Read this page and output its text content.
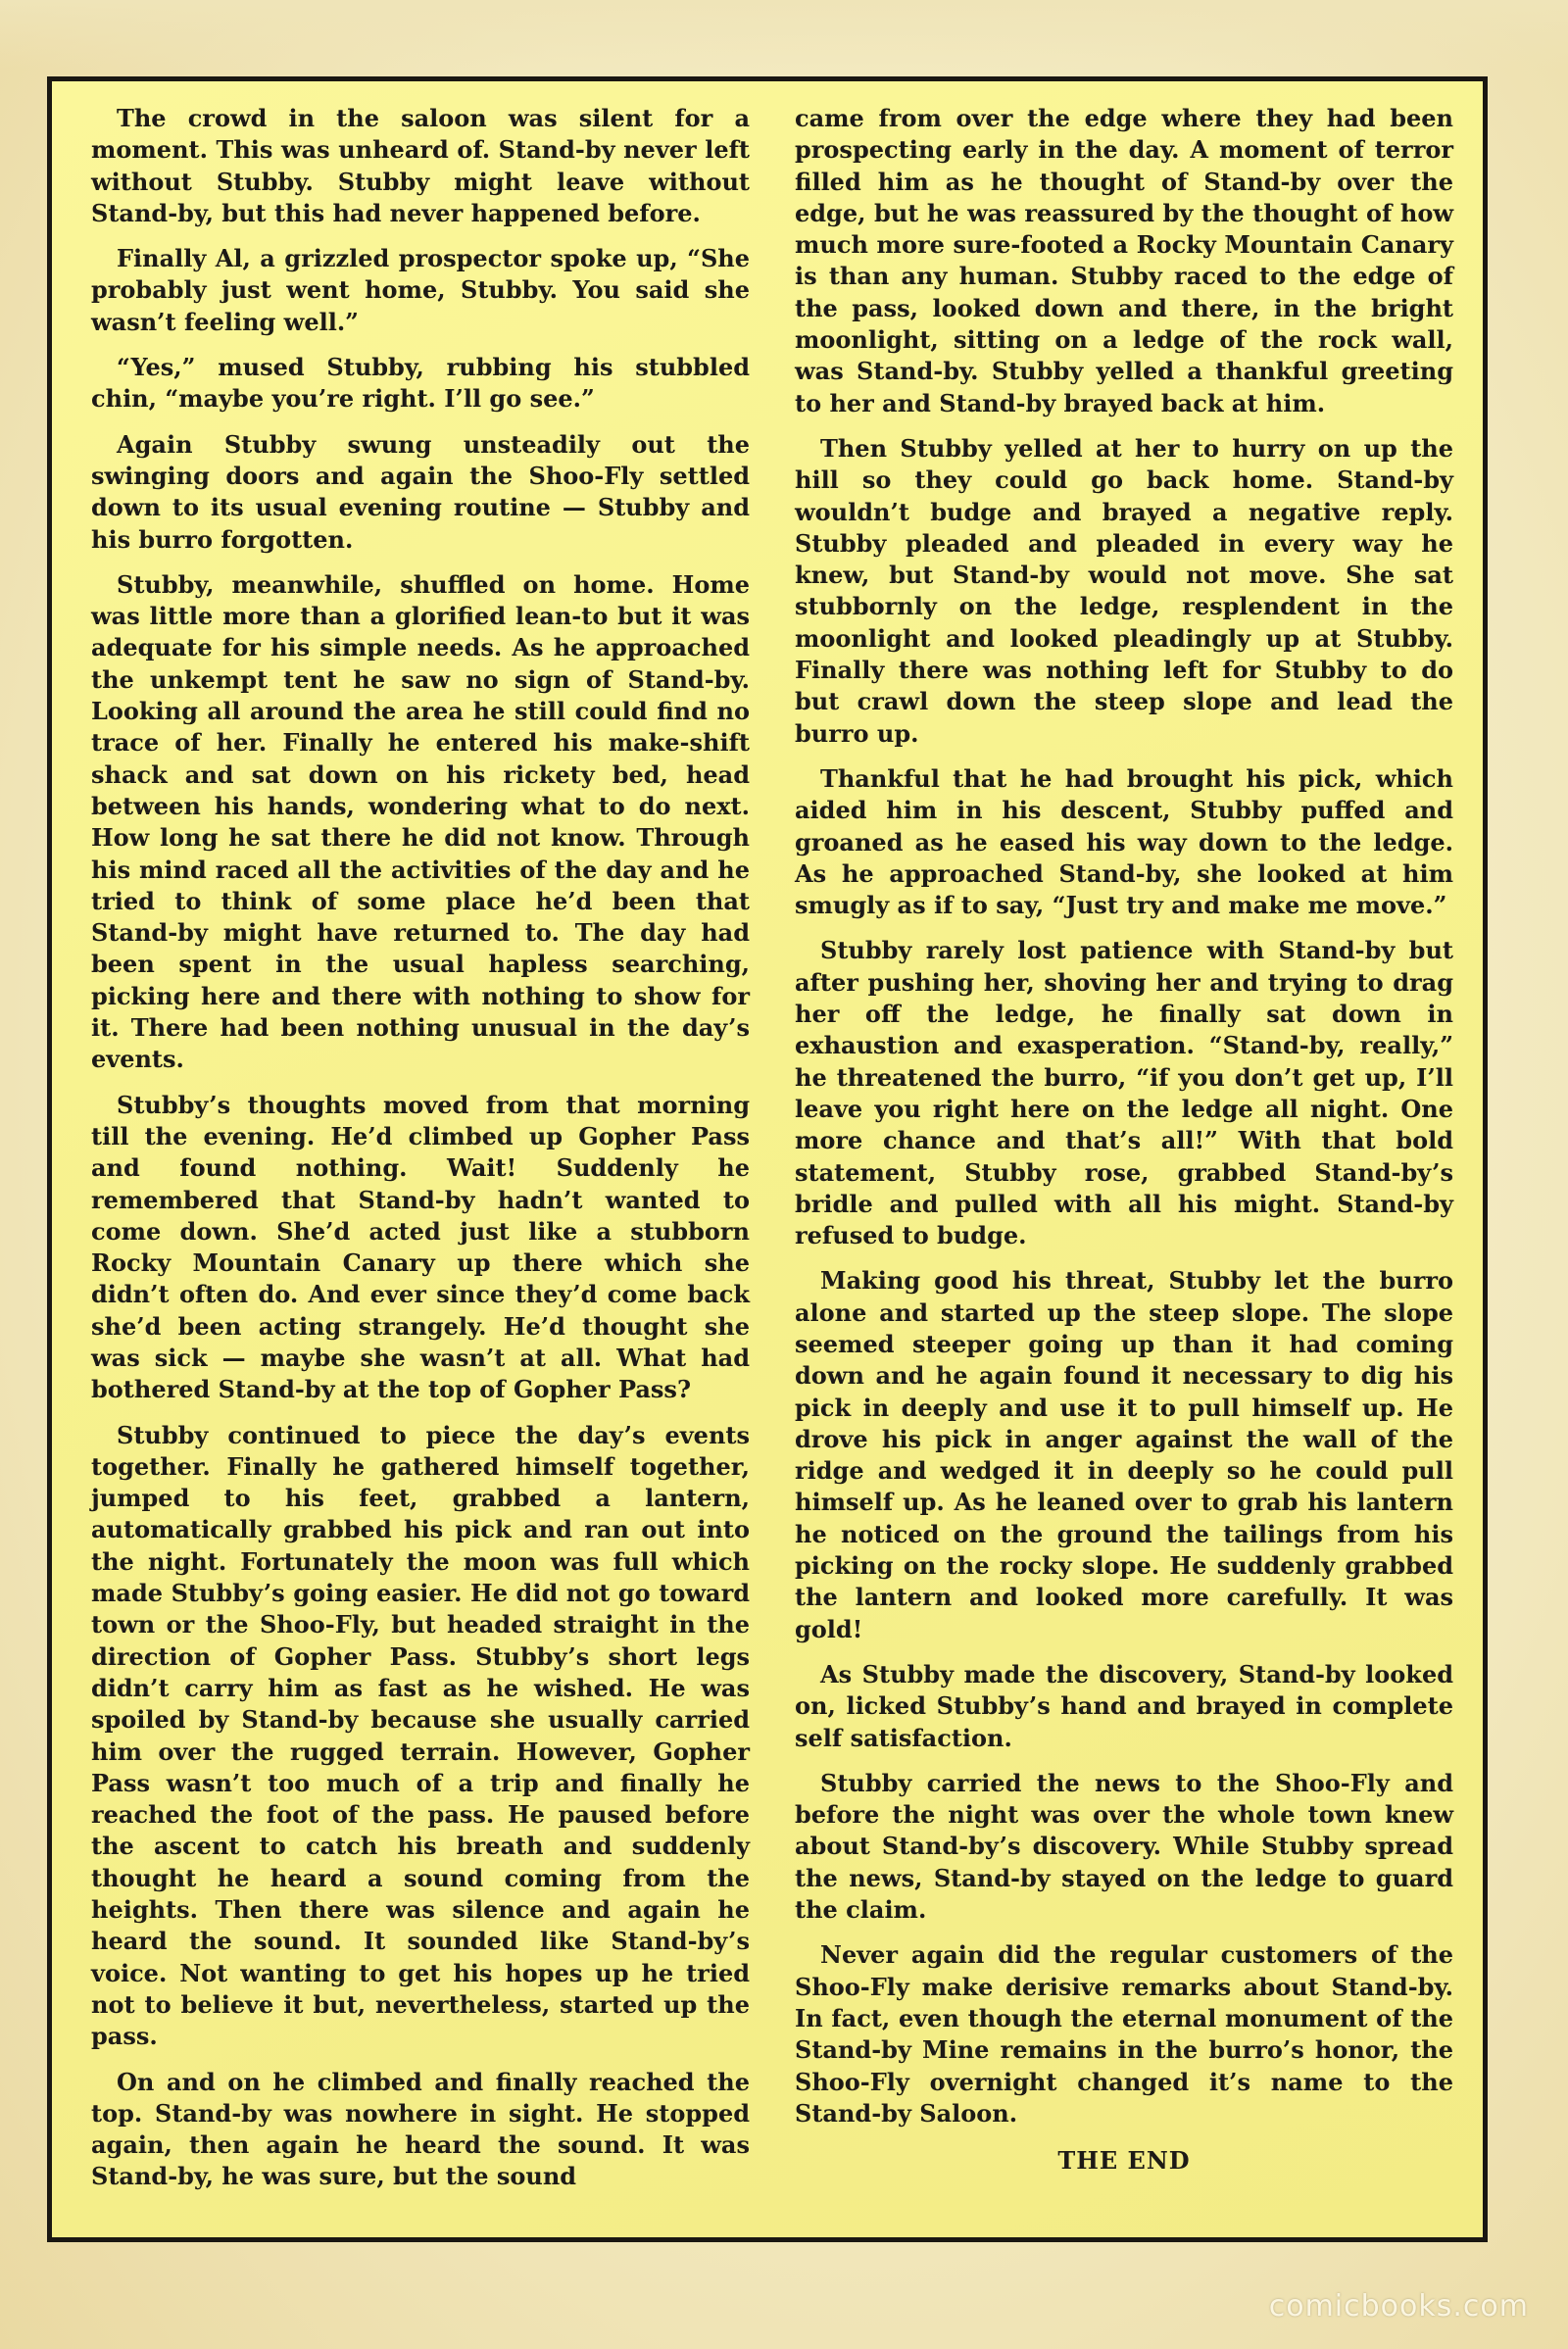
The crowd in the saloon was silent for a moment. This was unheard of. Stand-by never left without Stubby. Stubby might leave without Stand-by, but this had never happened before.

Finally Al, a grizzled prospector spoke up, “She probably just went home, Stubby. You said she wasn’t feeling well.”

“Yes,” mused Stubby, rubbing his stubbled chin, “maybe you’re right. I’ll go see.”

Again Stubby swung unsteadily out the swinging doors and again the Shoo-Fly settled down to its usual evening routine — Stubby and his burro forgotten.

Stubby, meanwhile, shuffled on home. Home was little more than a glorified lean-to but it was adequate for his simple needs. As he approached the unkempt tent he saw no sign of Stand-by. Looking all around the area he still could find no trace of her. Finally he entered his make-shift shack and sat down on his rickety bed, head between his hands, wondering what to do next. How long he sat there he did not know. Through his mind raced all the activities of the day and he tried to think of some place he’d been that Stand-by might have returned to. The day had been spent in the usual hapless searching, picking here and there with nothing to show for it. There had been nothing unusual in the day’s events.

Stubby’s thoughts moved from that morning till the evening. He’d climbed up Gopher Pass and found nothing. Wait! Suddenly he remembered that Stand-by hadn’t wanted to come down. She’d acted just like a stubborn Rocky Mountain Canary up there which she didn’t often do. And ever since they’d come back she’d been acting strangely. He’d thought she was sick — maybe she wasn’t at all. What had bothered Stand-by at the top of Gopher Pass?

Stubby continued to piece the day’s events together. Finally he gathered himself together, jumped to his feet, grabbed a lantern, automatically grabbed his pick and ran out into the night. Fortunately the moon was full which made Stubby’s going easier. He did not go toward town or the Shoo-Fly, but headed straight in the direction of Gopher Pass. Stubby’s short legs didn’t carry him as fast as he wished. He was spoiled by Stand-by because she usually carried him over the rugged terrain. However, Gopher Pass wasn’t too much of a trip and finally he reached the foot of the pass. He paused before the ascent to catch his breath and suddenly thought he heard a sound coming from the heights. Then there was silence and again he heard the sound. It sounded like Stand-by’s voice. Not wanting to get his hopes up he tried not to believe it but, nevertheless, started up the pass.

On and on he climbed and finally reached the top. Stand-by was nowhere in sight. He stopped again, then again he heard the sound. It was Stand-by, he was sure, but the sound

came from over the edge where they had been prospecting early in the day. A moment of terror filled him as he thought of Stand-by over the edge, but he was reassured by the thought of how much more sure-footed a Rocky Mountain Canary is than any human. Stubby raced to the edge of the pass, looked down and there, in the bright moonlight, sitting on a ledge of the rock wall, was Stand-by. Stubby yelled a thankful greeting to her and Stand-by brayed back at him.

Then Stubby yelled at her to hurry on up the hill so they could go back home. Stand-by wouldn’t budge and brayed a negative reply. Stubby pleaded and pleaded in every way he knew, but Stand-by would not move. She sat stubbornly on the ledge, resplendent in the moonlight and looked pleadingly up at Stubby. Finally there was nothing left for Stubby to do but crawl down the steep slope and lead the burro up.

Thankful that he had brought his pick, which aided him in his descent, Stubby puffed and groaned as he eased his way down to the ledge. As he approached Stand-by, she looked at him smugly as if to say, “Just try and make me move.”

Stubby rarely lost patience with Stand-by but after pushing her, shoving her and trying to drag her off the ledge, he finally sat down in exhaustion and exasperation. “Stand-by, really,” he threatened the burro, “if you don’t get up, I’ll leave you right here on the ledge all night. One more chance and that’s all!” With that bold statement, Stubby rose, grabbed Stand-by’s bridle and pulled with all his might. Stand-by refused to budge.

Making good his threat, Stubby let the burro alone and started up the steep slope. The slope seemed steeper going up than it had coming down and he again found it necessary to dig his pick in deeply and use it to pull himself up. He drove his pick in anger against the wall of the ridge and wedged it in deeply so he could pull himself up. As he leaned over to grab his lantern he noticed on the ground the tailings from his picking on the rocky slope. He suddenly grabbed the lantern and looked more carefully. It was gold!

As Stubby made the discovery, Stand-by looked on, licked Stubby’s hand and brayed in complete self satisfaction.

Stubby carried the news to the Shoo-Fly and before the night was over the whole town knew about Stand-by’s discovery. While Stubby spread the news, Stand-by stayed on the ledge to guard the claim.

Never again did the regular customers of the Shoo-Fly make derisive remarks about Stand-by. In fact, even though the eternal monument of the Stand-by Mine remains in the burro’s honor, the Shoo-Fly overnight changed it’s name to the Stand-by Saloon.

THE END

comicbooks.com
